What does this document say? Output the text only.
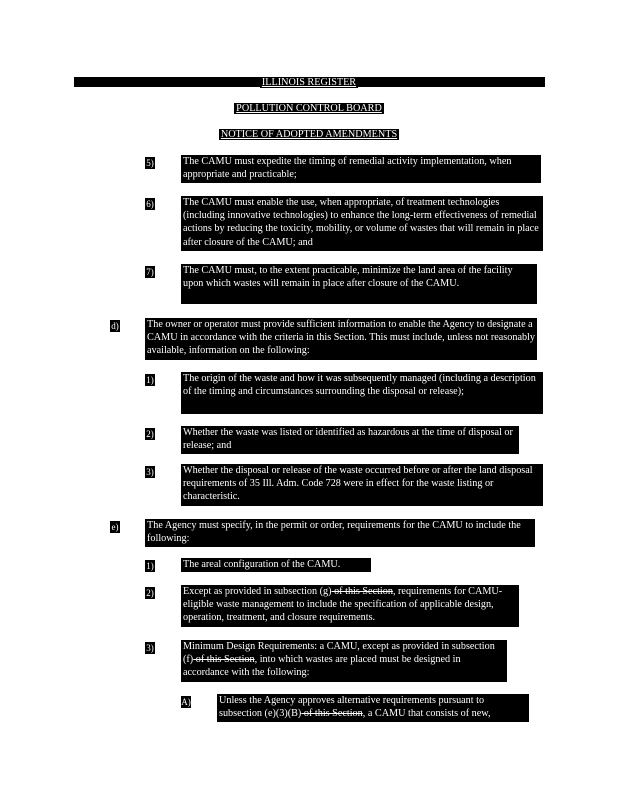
ILLINOIS REGISTER
POLLUTION CONTROL BOARD
NOTICE OF ADOPTED AMENDMENTS
5)	The CAMU must expedite the timing of remedial activity implementation, when appropriate and practicable;
6)	The CAMU must enable the use, when appropriate, of treatment technologies (including innovative technologies) to enhance the long-term effectiveness of remedial actions by reducing the toxicity, mobility, or volume of wastes that will remain in place after closure of the CAMU; and
7)	The CAMU must, to the extent practicable, minimize the land area of the facility upon which wastes will remain in place after closure of the CAMU.
d)	The owner or operator must provide sufficient information to enable the Agency to designate a CAMU in accordance with the criteria in this Section. This must include, unless not reasonably available, information on the following:
1)	The origin of the waste and how it was subsequently managed (including a description of the timing and circumstances surrounding the disposal or release);
2)	Whether the waste was listed or identified as hazardous at the time of disposal or release; and
3)	Whether the disposal or release of the waste occurred before or after the land disposal requirements of 35 Ill. Adm. Code 728 were in effect for the waste listing or characteristic.
e)	The Agency must specify, in the permit or order, requirements for the CAMU to include the following:
1)	The areal configuration of the CAMU.
2)	Except as provided in subsection (g) of this Section, requirements for CAMU-eligible waste management to include the specification of applicable design, operation, treatment, and closure requirements.
3)	Minimum Design Requirements: a CAMU, except as provided in subsection (f) of this Section, into which wastes are placed must be designed in accordance with the following:
A)	Unless the Agency approves alternative requirements pursuant to subsection (e)(3)(B) of this Section, a CAMU that consists of new,
